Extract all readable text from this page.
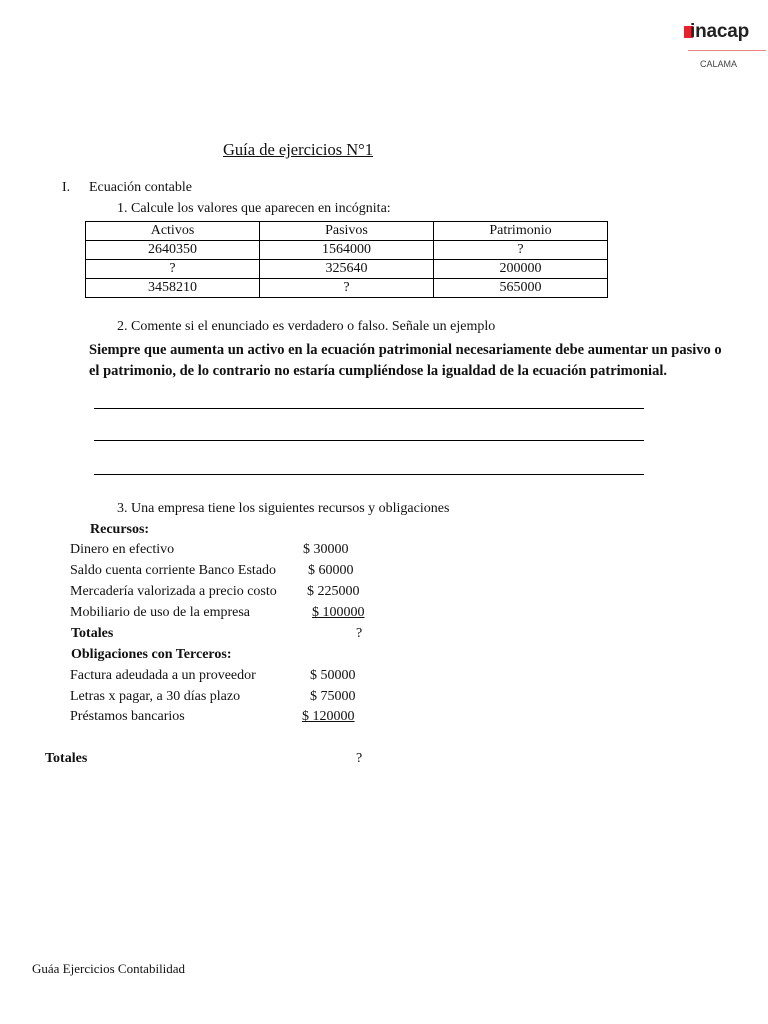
inacap
CALAMA
Guía de ejercicios N°1
I. Ecuación contable
1. Calcule los valores que aparecen en incógnita:
Activos	Pasivos	Patrimonio
2640350	1564000	?
?	325640	200000
3458210	?	565000
2. Comente si el enunciado es verdadero o falso. Señale un ejemplo
Siempre que aumenta un activo en la ecuación patrimonial necesariamente debe aumentar un pasivo o el patrimonio, de lo contrario no estaría cumpliéndose la igualdad de la ecuación patrimonial.
3. Una empresa tiene los siguientes recursos y obligaciones
Recursos:
Dinero en efectivo	$ 30000
Saldo cuenta corriente Banco Estado $ 60000
Mercadería valorizada a precio costo $ 225000
Mobiliario de uso de la empresa	$ 100000
Totales	?
Obligaciones con Terceros:
Factura adeudada a un proveedor	$ 50000
Letras x pagar, a 30 días plazo	$ 75000
Préstamos bancarios	$ 120000
Totales	?
Guáa Ejercicios Contabilidad
